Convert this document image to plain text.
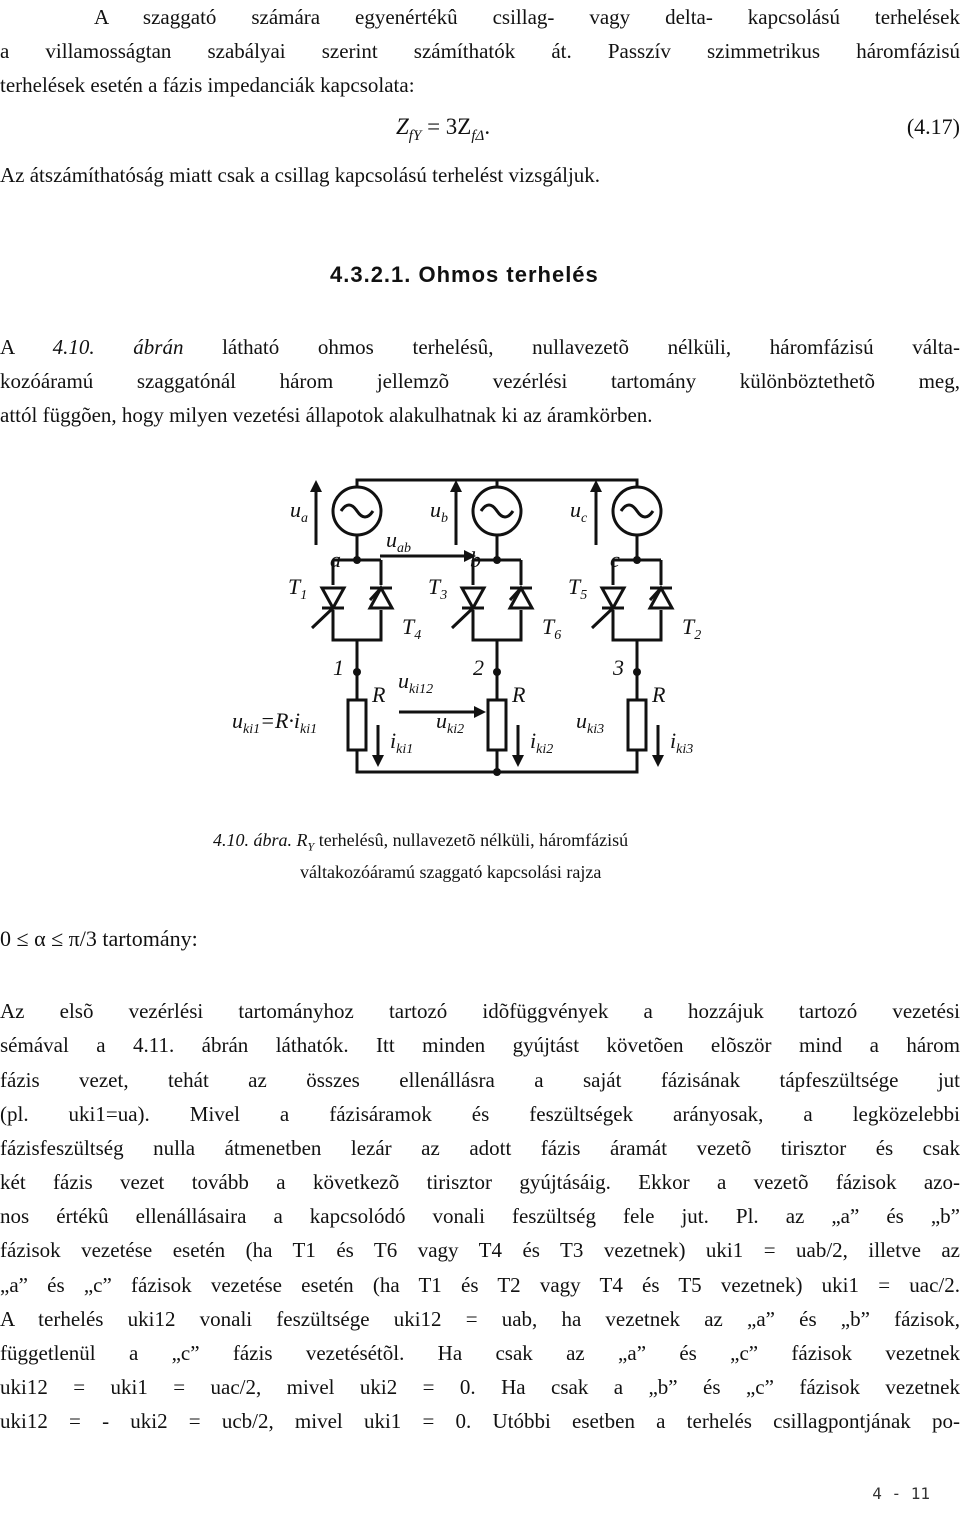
A szaggató számára egyenértékû csillag- vagy delta- kapcsolású terhelések
a villamosságtan szabályai szerint számíthatók át. Passzív szimmetrikus háromfázisú
terhelések esetén a fázis impedanciák kapcsolata:
$Z_{fY} = 3Z_{f\Delta}$.	(4.17)
Az átszámíthatóság miatt csak a csillag kapcsolású terhelést vizsgáljuk.
4.3.2.1. Ohmos terhelés
A 4.10. ábrán látható ohmos terhelésû, nullavezetõ nélküli, háromfázisú válta-
kozóáramú szaggatónál három jellemzõ vezérlési tartomány különböztethetõ meg,
attól függõen, hogy milyen vezetési állapotok alakulhatnak ki az áramkörben.
$u_a$	$u_b$	$u_c$
a	b	c
$u_{ab}$
$T_1$	$T_3$	$T_5$
$T_4$	$T_6$	$T_2$
1	2	3
R	R	R
$u_{ki12}$
$u_{ki1}=R\cdot i_{ki1}$	$u_{ki2}$	$u_{ki3}$
$i_{ki1}$	$i_{ki2}$	$i_{ki3}$
4.10. ábra. $R_Y$ terhelésû, nullavezetõ nélküli, háromfázisú
váltakozóáramú szaggató kapcsolási rajza
0 ≤ α ≤ π/3 tartomány:
Az elsõ vezérlési tartományhoz tartozó idõfüggvények a hozzájuk tartozó vezetési
sémával a 4.11. ábrán láthatók. Itt minden gyújtást követõen elõször mind a három
fázis vezet, tehát az összes ellenállásra a saját fázisának tápfeszültsége jut
(pl. uki1=ua). Mivel a fázisáramok és feszültségek arányosak, a legközelebbi
fázisfeszültség nulla átmenetben lezár az adott fázis áramát vezetõ tirisztor és csak
két fázis vezet tovább a következõ tirisztor gyújtásáig. Ekkor a vezetõ fázisok azo-
nos értékû ellenállásaira a kapcsolódó vonali feszültség fele jut. Pl. az „a” és „b”
fázisok vezetése esetén (ha T1 és T6 vagy T4 és T3 vezetnek) uki1 = uab/2, illetve az
„a” és „c” fázisok vezetése esetén (ha T1 és T2 vagy T4 és T5 vezetnek) uki1 = uac/2.
A terhelés uki12 vonali feszültsége uki12 = uab, ha vezetnek az „a” és „b” fázisok,
függetlenül a „c” fázis vezetésétõl. Ha csak az „a” és „c” fázisok vezetnek
uki12 = uki1 = uac/2, mivel uki2 = 0. Ha csak a „b” és „c” fázisok vezetnek
uki12 = - uki2 = ucb/2, mivel uki1 = 0. Utóbbi esetben a terhelés csillagpontjának po-
4 - 11
